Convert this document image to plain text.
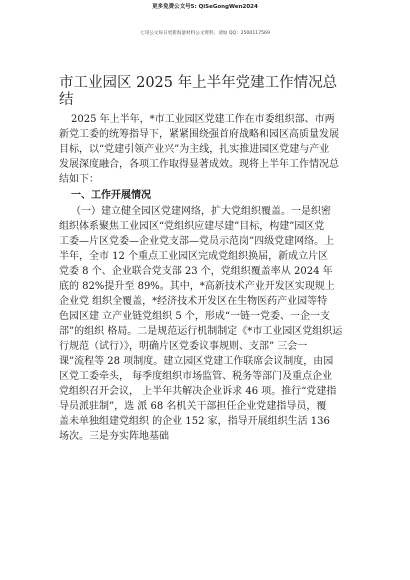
更多免费公文号5: QiSeGongWen2024
七哥公文每日更新海量材料公文资料，请加 QQ：2500117569
市工业园区 2025 年上半年党建工作情况总
结
2025 年上半年，*市工业园区党建工作在市委组织部、市两
新党工委的统筹指导下，紧紧围绕强首府战略和园区高质量发展
目标，以“党建引领产业兴”为主线，扎实推进园区党建与产业
发展深度融合，各项工作取得显著成效。现将上半年工作情况总
结如下：
一、工作开展情况
（一）建立健全园区党建网络，扩大党组织覆盖。一是织密
组织体系聚焦工业园区“党组织应建尽建”目标，构建”园区党
工委—片区党委—企业党支部—党员示范岗”四级党建网络。上
半年，全市 12 个重点工业园区完成党组织换届，新成立片区
党委 8 个、企业联合党支部 23 个，党组织覆盖率从 2024 年
底的 82%提升至 89%。其中，*高新技术产业开发区实现规上
企业党 组织全覆盖，*经济技术开发区在生物医药产业园等特
色园区建 立产业链党组织 5 个，形成“一链一党委、一企一支
部”的组织 格局。二是规范运行机制制定《*市工业园区党组织运
行规范（试行）》，明确片区党委议事规则、支部” 三会一
课”流程等 28 项制度。建立园区党建工作联席会议制度，由园
区党工委牵头， 每季度组织市场监管、税务等部门及重点企业
党组织召开会议， 上半年共解决企业诉求 46 项。推行“党建指
导员派驻制”，选 派 68 名机关干部担任企业党建指导员，覆
盖未单独组建党组织 的企业 152 家，指导开展组织生活 136
场次。三是夯实阵地基础
